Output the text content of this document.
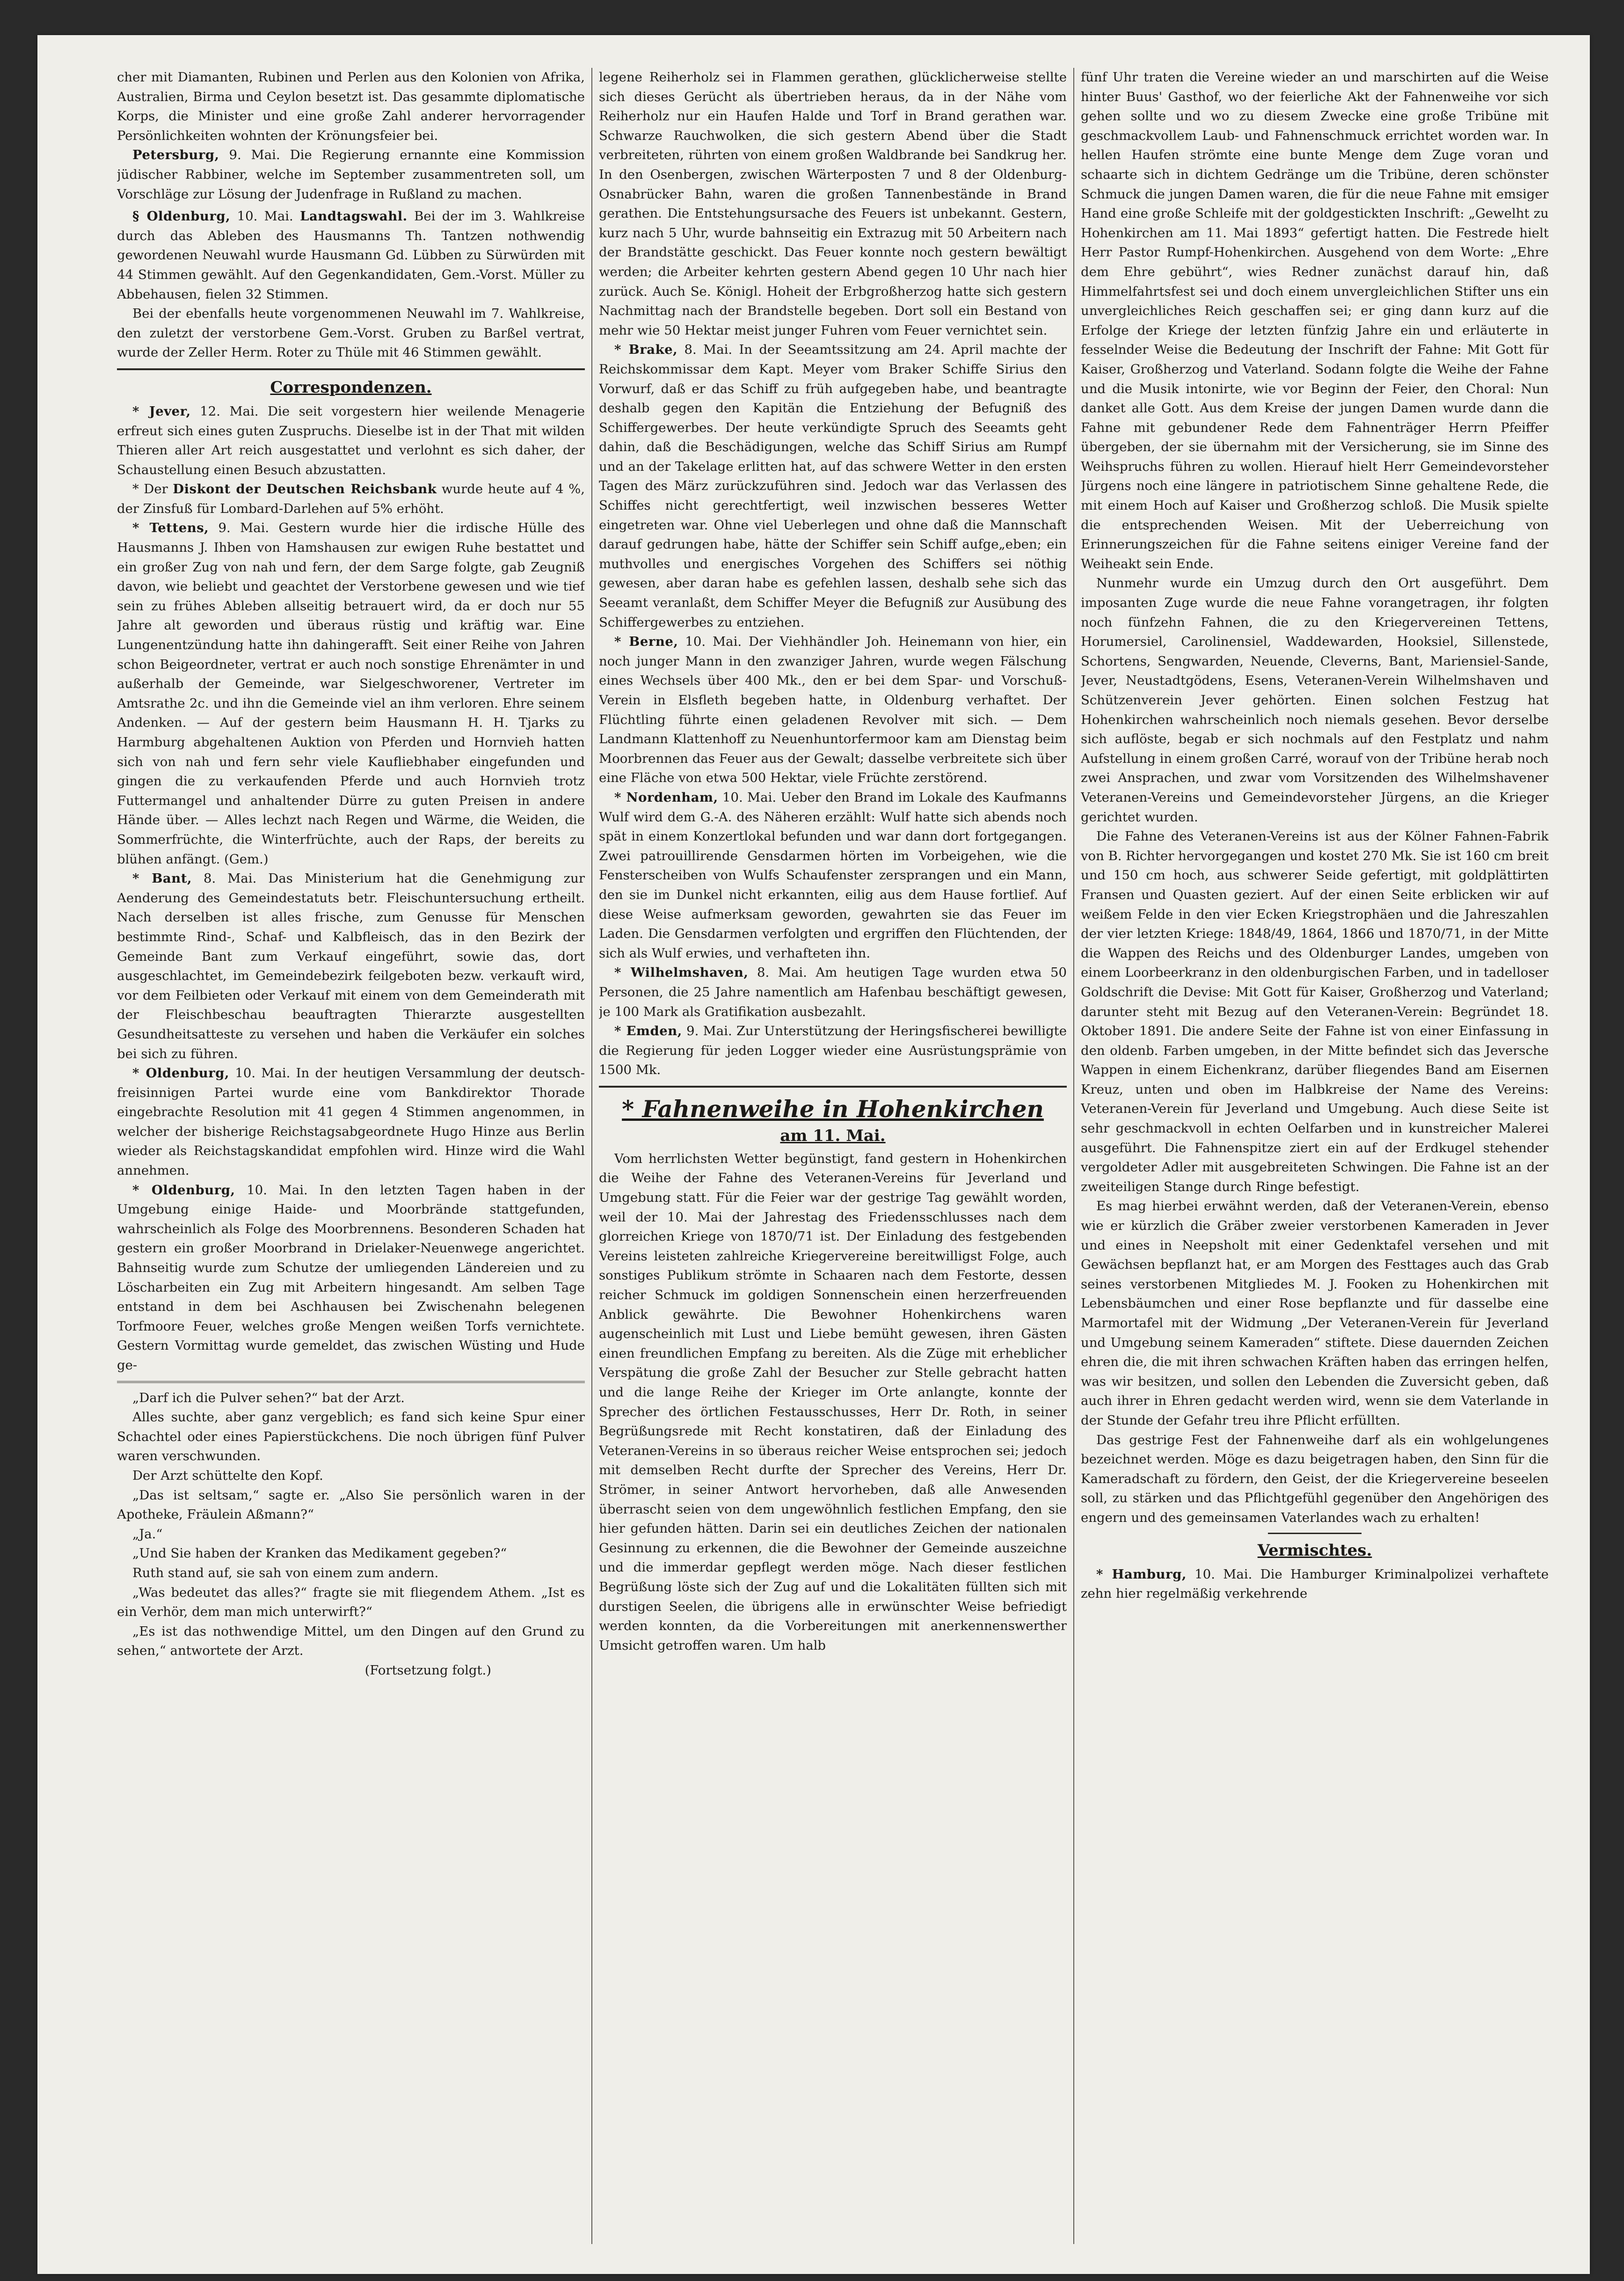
cher mit Diamanten, Rubinen und Perlen aus den Kolonien von Afrika, Australien, Birma und Ceylon besetzt ist. Das gesammte diplomatische Korps, die Minister und eine große Zahl anderer hervorragender Persönlichkeiten wohnten der Krönungsfeier bei.

Petersburg, 9. Mai. Die Regierung ernannte eine Kommission jüdischer Rabbiner, welche im September zusammentreten soll, um Vorschläge zur Lösung der Judenfrage in Rußland zu machen.

§ Oldenburg, 10. Mai. Landtagswahl. Bei der im 3. Wahlkreise durch das Ableben des Hausmanns Th. Tantzen nothwendig gewordenen Neuwahl wurde Hausmann Gd. Lübben zu Sürwürden mit 44 Stimmen gewählt. Auf den Gegenkandidaten, Gem.-Vorst. Müller zu Abbehausen, fielen 32 Stimmen.

Bei der ebenfalls heute vorgenommenen Neuwahl im 7. Wahlkreise, den zuletzt der verstorbene Gem.-Vorst. Gruben zu Barßel vertrat, wurde der Zeller Herm. Roter zu Thüle mit 46 Stimmen gewählt.

Correspondenzen.

* Jever, 12. Mai. Die seit vorgestern hier weilende Menagerie erfreut sich eines guten Zuspruchs. Dieselbe ist in der That mit wilden Thieren aller Art reich ausgestattet und verlohnt es sich daher, der Schaustellung einen Besuch abzustatten.

* Der Diskont der Deutschen Reichsbank wurde heute auf 4 %, der Zinsfuß für Lombard-Darlehen auf 5% erhöht.

* Tettens, 9. Mai. Gestern wurde hier die irdische Hülle des Hausmanns J. Ihben von Hamshausen zur ewigen Ruhe bestattet und ein großer Zug von nah und fern, der dem Sarge folgte, gab Zeugniß davon, wie beliebt und geachtet der Verstorbene gewesen und wie tief sein zu frühes Ableben allseitig betrauert wird, da er doch nur 55 Jahre alt geworden und überaus rüstig und kräftig war. Eine Lungenentzündung hatte ihn dahingerafft. Seit einer Reihe von Jahren schon Beigeordneter, vertrat er auch noch sonstige Ehrenämter in und außerhalb der Gemeinde, war Sielgeschworener, Vertreter im Amtsrathe 2c. und ihn die Gemeinde viel an ihm verloren. Ehre seinem Andenken. — Auf der gestern beim Hausmann H. H. Tjarks zu Harmburg abgehaltenen Auktion von Pferden und Hornvieh hatten sich von nah und fern sehr viele Kaufliebhaber eingefunden und gingen die zu verkaufenden Pferde und auch Hornvieh trotz Futtermangel und anhaltender Dürre zu guten Preisen in andere Hände über. — Alles lechzt nach Regen und Wärme, die Weiden, die Sommerfrüchte, die Winterfrüchte, auch der Raps, der bereits zu blühen anfängt. (Gem.)

* Bant, 8. Mai. Das Ministerium hat die Genehmigung zur Aenderung des Gemeindestatuts betr. Fleischuntersuchung ertheilt. Nach derselben ist alles frische, zum Genusse für Menschen bestimmte Rind-, Schaf- und Kalbfleisch, das in den Bezirk der Gemeinde Bant zum Verkauf eingeführt, sowie das, dort ausgeschlachtet, im Gemeindebezirk feilgeboten bezw. verkauft wird, vor dem Feilbieten oder Verkauf mit einem von dem Gemeinderath mit der Fleischbeschau beauftragten Thierarzte ausgestellten Gesundheitsatteste zu versehen und haben die Verkäufer ein solches bei sich zu führen.

* Oldenburg, 10. Mai. In der heutigen Versammlung der deutsch-freisinnigen Partei wurde eine vom Bankdirektor Thorade eingebrachte Resolution mit 41 gegen 4 Stimmen angenommen, in welcher der bisherige Reichstagsabgeordnete Hugo Hinze aus Berlin wieder als Reichstagskandidat empfohlen wird. Hinze wird die Wahl annehmen.

* Oldenburg, 10. Mai. In den letzten Tagen haben in der Umgebung einige Haide- und Moorbrände stattgefunden, wahrscheinlich als Folge des Moorbrennens. Besonderen Schaden hat gestern ein großer Moorbrand in Drielaker-Neuenwege angerichtet. Bahnseitig wurde zum Schutze der umliegenden Ländereien und zu Löscharbeiten ein Zug mit Arbeitern hingesandt. Am selben Tage entstand in dem bei Aschhausen bei Zwischenahn belegenen Torfmoore Feuer, welches große Mengen weißen Torfs vernichtete. Gestern Vormittag wurde gemeldet, das zwischen Wüsting und Hude ge-

„Darf ich die Pulver sehen?“ bat der Arzt.

Alles suchte, aber ganz vergeblich; es fand sich keine Spur einer Schachtel oder eines Papierstückchens. Die noch übrigen fünf Pulver waren verschwunden.

Der Arzt schüttelte den Kopf.

„Das ist seltsam,“ sagte er. „Also Sie persönlich waren in der Apotheke, Fräulein Aßmann?“

„Ja.“

„Und Sie haben der Kranken das Medikament gegeben?“

Ruth stand auf, sie sah von einem zum andern.

„Was bedeutet das alles?“ fragte sie mit fliegendem Athem. „Ist es ein Verhör, dem man mich unterwirft?“

„Es ist das nothwendige Mittel, um den Dingen auf den Grund zu sehen,“ antwortete der Arzt.

(Fortsetzung folgt.)

legene Reiherholz sei in Flammen gerathen, glücklicherweise stellte sich dieses Gerücht als übertrieben heraus, da in der Nähe vom Reiherholz nur ein Haufen Halde und Torf in Brand gerathen war. Schwarze Rauchwolken, die sich gestern Abend über die Stadt verbreiteten, rührten von einem großen Waldbrande bei Sandkrug her. In den Osenbergen, zwischen Wärterposten 7 und 8 der Oldenburg-Osnabrücker Bahn, waren die großen Tannenbestände in Brand gerathen. Die Entstehungsursache des Feuers ist unbekannt. Gestern, kurz nach 5 Uhr, wurde bahnseitig ein Extrazug mit 50 Arbeitern nach der Brandstätte geschickt. Das Feuer konnte noch gestern bewältigt werden; die Arbeiter kehrten gestern Abend gegen 10 Uhr nach hier zurück. Auch Se. Königl. Hoheit der Erbgroßherzog hatte sich gestern Nachmittag nach der Brandstelle begeben. Dort soll ein Bestand von mehr wie 50 Hektar meist junger Fuhren vom Feuer vernichtet sein.

* Brake, 8. Mai. In der Seeamtssitzung am 24. April machte der Reichskommissar dem Kapt. Meyer vom Braker Schiffe Sirius den Vorwurf, daß er das Schiff zu früh aufgegeben habe, und beantragte deshalb gegen den Kapitän die Entziehung der Befugniß des Schiffergewerbes. Der heute verkündigte Spruch des Seeamts geht dahin, daß die Beschädigungen, welche das Schiff Sirius am Rumpf und an der Takelage erlitten hat, auf das schwere Wetter in den ersten Tagen des März zurückzuführen sind. Jedoch war das Verlassen des Schiffes nicht gerechtfertigt, weil inzwischen besseres Wetter eingetreten war. Ohne viel Ueberlegen und ohne daß die Mannschaft darauf gedrungen habe, hätte der Schiffer sein Schiff aufge„eben; ein muthvolles und energisches Vorgehen des Schiffers sei nöthig gewesen, aber daran habe es gefehlen lassen, deshalb sehe sich das Seeamt veranlaßt, dem Schiffer Meyer die Befugniß zur Ausübung des Schiffergewerbes zu entziehen.

* Berne, 10. Mai. Der Viehhändler Joh. Heinemann von hier, ein noch junger Mann in den zwanziger Jahren, wurde wegen Fälschung eines Wechsels über 400 Mk., den er bei dem Spar- und Vorschuß-Verein in Elsfleth begeben hatte, in Oldenburg verhaftet. Der Flüchtling führte einen geladenen Revolver mit sich. — Dem Landmann Klattenhoff zu Neuenhuntorfermoor kam am Dienstag beim Moorbrennen das Feuer aus der Gewalt; dasselbe verbreitete sich über eine Fläche von etwa 500 Hektar, viele Früchte zerstörend.

* Nordenham, 10. Mai. Ueber den Brand im Lokale des Kaufmanns Wulf wird dem G.-A. des Näheren erzählt: Wulf hatte sich abends noch spät in einem Konzertlokal befunden und war dann dort fortgegangen. Zwei patrouillirende Gensdarmen hörten im Vorbeigehen, wie die Fensterscheiben von Wulfs Schaufenster zersprangen und ein Mann, den sie im Dunkel nicht erkannten, eilig aus dem Hause fortlief. Auf diese Weise aufmerksam geworden, gewahrten sie das Feuer im Laden. Die Gensdarmen verfolgten und ergriffen den Flüchtenden, der sich als Wulf erwies, und verhafteten ihn.

* Wilhelmshaven, 8. Mai. Am heutigen Tage wurden etwa 50 Personen, die 25 Jahre namentlich am Hafenbau beschäftigt gewesen, je 100 Mark als Gratifikation ausbezahlt.

* Emden, 9. Mai. Zur Unterstützung der Heringsfischerei bewilligte die Regierung für jeden Logger wieder eine Ausrüstungsprämie von 1500 Mk.

* Fahnenweihe in Hohenkirchen
am 11. Mai.

Vom herrlichsten Wetter begünstigt, fand gestern in Hohenkirchen die Weihe der Fahne des Veteranen-Vereins für Jeverland und Umgebung statt. Für die Feier war der gestrige Tag gewählt worden, weil der 10. Mai der Jahrestag des Friedensschlusses nach dem glorreichen Kriege von 1870/71 ist. Der Einladung des festgebenden Vereins leisteten zahlreiche Kriegervereine bereitwilligst Folge, auch sonstiges Publikum strömte in Schaaren nach dem Festorte, dessen reicher Schmuck im goldigen Sonnenschein einen herzerfreuenden Anblick gewährte. Die Bewohner Hohenkirchens waren augenscheinlich mit Lust und Liebe bemüht gewesen, ihren Gästen einen freundlichen Empfang zu bereiten. Als die Züge mit erheblicher Verspätung die große Zahl der Besucher zur Stelle gebracht hatten und die lange Reihe der Krieger im Orte anlangte, konnte der Sprecher des örtlichen Festausschusses, Herr Dr. Roth, in seiner Begrüßungsrede mit Recht konstatiren, daß der Einladung des Veteranen-Vereins in so überaus reicher Weise entsprochen sei; jedoch mit demselben Recht durfte der Sprecher des Vereins, Herr Dr. Strömer, in seiner Antwort hervorheben, daß alle Anwesenden überrascht seien von dem ungewöhnlich festlichen Empfang, den sie hier gefunden hätten. Darin sei ein deutliches Zeichen der nationalen Gesinnung zu erkennen, die die Bewohner der Gemeinde auszeichne und die immerdar gepflegt werden möge. Nach dieser festlichen Begrüßung löste sich der Zug auf und die Lokalitäten füllten sich mit durstigen Seelen, die übrigens alle in erwünschter Weise befriedigt werden konnten, da die Vorbereitungen mit anerkennenswerther Umsicht getroffen waren. Um halb

fünf Uhr traten die Vereine wieder an und marschirten auf die Weise hinter Buus' Gasthof, wo der feierliche Akt der Fahnenweihe vor sich gehen sollte und wo zu diesem Zwecke eine große Tribüne mit geschmackvollem Laub- und Fahnenschmuck errichtet worden war. In hellen Haufen strömte eine bunte Menge dem Zuge voran und schaarte sich in dichtem Gedränge um die Tribüne, deren schönster Schmuck die jungen Damen waren, die für die neue Fahne mit emsiger Hand eine große Schleife mit der goldgestickten Inschrift: „Gewelht zu Hohenkirchen am 11. Mai 1893“ gefertigt hatten. Die Festrede hielt Herr Pastor Rumpf-Hohenkirchen. Ausgehend von dem Worte: „Ehre dem Ehre gebührt“, wies Redner zunächst darauf hin, daß Himmelfahrtsfest sei und doch einem unvergleichlichen Stifter uns ein unvergleichliches Reich geschaffen sei; er ging dann kurz auf die Erfolge der Kriege der letzten fünfzig Jahre ein und erläuterte in fesselnder Weise die Bedeutung der Inschrift der Fahne: Mit Gott für Kaiser, Großherzog und Vaterland. Sodann folgte die Weihe der Fahne und die Musik intonirte, wie vor Beginn der Feier, den Choral: Nun danket alle Gott. Aus dem Kreise der jungen Damen wurde dann die Fahne mit gebundener Rede dem Fahnenträger Herrn Pfeiffer übergeben, der sie übernahm mit der Versicherung, sie im Sinne des Weihspruchs führen zu wollen. Hierauf hielt Herr Gemeindevorsteher Jürgens noch eine längere in patriotischem Sinne gehaltene Rede, die mit einem Hoch auf Kaiser und Großherzog schloß. Die Musik spielte die entsprechenden Weisen. Mit der Ueberreichung von Erinnerungszeichen für die Fahne seitens einiger Vereine fand der Weiheakt sein Ende.

Nunmehr wurde ein Umzug durch den Ort ausgeführt. Dem imposanten Zuge wurde die neue Fahne vorangetragen, ihr folgten noch fünfzehn Fahnen, die zu den Kriegervereinen Tettens, Horumersiel, Carolinensiel, Waddewarden, Hooksiel, Sillenstede, Schortens, Sengwarden, Neuende, Cleverns, Bant, Mariensiel-Sande, Jever, Neustadtgödens, Esens, Veteranen-Verein Wilhelmshaven und Schützenverein Jever gehörten. Einen solchen Festzug hat Hohenkirchen wahrscheinlich noch niemals gesehen. Bevor derselbe sich auflöste, begab er sich nochmals auf den Festplatz und nahm Aufstellung in einem großen Carré, worauf von der Tribüne herab noch zwei Ansprachen, und zwar vom Vorsitzenden des Wilhelmshavener Veteranen-Vereins und Gemeindevorsteher Jürgens, an die Krieger gerichtet wurden.

Die Fahne des Veteranen-Vereins ist aus der Kölner Fahnen-Fabrik von B. Richter hervorgegangen und kostet 270 Mk. Sie ist 160 cm breit und 150 cm hoch, aus schwerer Seide gefertigt, mit goldplättirten Fransen und Quasten geziert. Auf der einen Seite erblicken wir auf weißem Felde in den vier Ecken Kriegstrophäen und die Jahreszahlen der vier letzten Kriege: 1848/49, 1864, 1866 und 1870/71, in der Mitte die Wappen des Reichs und des Oldenburger Landes, umgeben von einem Loorbeerkranz in den oldenburgischen Farben, und in tadelloser Goldschrift die Devise: Mit Gott für Kaiser, Großherzog und Vaterland; darunter steht mit Bezug auf den Veteranen-Verein: Begründet 18. Oktober 1891. Die andere Seite der Fahne ist von einer Einfassung in den oldenb. Farben umgeben, in der Mitte befindet sich das Jeversche Wappen in einem Eichenkranz, darüber fliegendes Band am Eisernen Kreuz, unten und oben im Halbkreise der Name des Vereins: Veteranen-Verein für Jeverland und Umgebung. Auch diese Seite ist sehr geschmackvoll in echten Oelfarben und in kunstreicher Malerei ausgeführt. Die Fahnenspitze ziert ein auf der Erdkugel stehender vergoldeter Adler mit ausgebreiteten Schwingen. Die Fahne ist an der zweiteiligen Stange durch Ringe befestigt.

Es mag hierbei erwähnt werden, daß der Veteranen-Verein, ebenso wie er kürzlich die Gräber zweier verstorbenen Kameraden in Jever und eines in Neepsholt mit einer Gedenktafel versehen und mit Gewächsen bepflanzt hat, er am Morgen des Festtages auch das Grab seines verstorbenen Mitgliedes M. J. Fooken zu Hohenkirchen mit Lebensbäumchen und einer Rose bepflanzte und für dasselbe eine Marmortafel mit der Widmung „Der Veteranen-Verein für Jeverland und Umgebung seinem Kameraden“ stiftete. Diese dauernden Zeichen ehren die, die mit ihren schwachen Kräften haben das erringen helfen, was wir besitzen, und sollen den Lebenden die Zuversicht geben, daß auch ihrer in Ehren gedacht werden wird, wenn sie dem Vaterlande in der Stunde der Gefahr treu ihre Pflicht erfüllten.

Das gestrige Fest der Fahnenweihe darf als ein wohlgelungenes bezeichnet werden. Möge es dazu beigetragen haben, den Sinn für die Kameradschaft zu fördern, den Geist, der die Kriegervereine beseelen soll, zu stärken und das Pflichtgefühl gegenüber den Angehörigen des engern und des gemeinsamen Vaterlandes wach zu erhalten!

Vermischtes.

* Hamburg, 10. Mai. Die Hamburger Kriminalpolizei verhaftete zehn hier regelmäßig verkehrende
